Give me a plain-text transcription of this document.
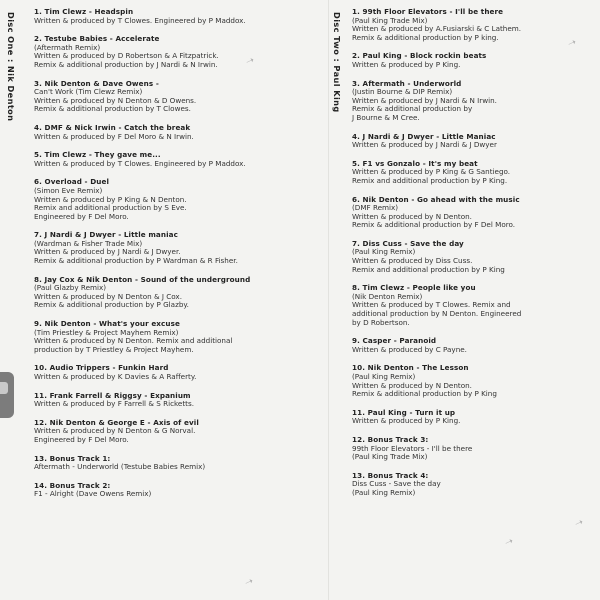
➝
➝
➝
➝
➝
Disc One : Nik Denton	Disc Two : Paul King
1. Tim Clewz - Headspin
Written & produced by T Clowes. Engineered by P Maddox.
2. Testube Babies - Accelerate
(Aftermath Remix)
Written & produced by D Robertson & A Fitzpatrick.
Remix & additional production by J Nardi & N Irwin.
3. Nik Denton & Dave Owens -
Can't Work (Tim Clewz Remix)
Written & produced by N Denton & D Owens.
Remix & additional production by T Clowes.
4. DMF & Nick Irwin - Catch the break
Written & produced by F Del Moro & N Irwin.
5. Tim Clewz - They gave me...
Written & produced by T Clowes. Engineered by P Maddox.
6. Overload - Duel
(Simon Eve Remix)
Written & produced by P King & N Denton.
Remix and additional production by S Eve.
Engineered by F Del Moro.
7. J Nardi & J Dwyer - Little maniac
(Wardman & Fisher Trade Mix)
Written & produced by J Nardi & J Dwyer.
Remix & additional production by P Wardman & R Fisher.
8. Jay Cox & Nik Denton - Sound of the underground
(Paul Glazby Remix)
Written & produced by N Denton & J Cox.
Remix & additional production by P Glazby.
9. Nik Denton - What's your excuse
(Tim Priestley & Project Mayhem Remix)
Written & produced by N Denton. Remix and additional
production by T Priestley & Project Mayhem.
10. Audio Trippers - Funkin Hard
Written & produced by K Davies & A Rafferty.
11. Frank Farrell & Riggsy - Expanium
Written & produced by F Farrell & S Ricketts.
12. Nik Denton & George E - Axis of evil
Written & produced by N Denton & G Norval.
Engineered by F Del Moro.
13. Bonus Track 1:
Aftermath - Underworld (Testube Babies Remix)
14. Bonus Track 2:
F1 - Alright (Dave Owens Remix)
1. 99th Floor Elevators - I'll be there
(Paul King Trade Mix)
Written & produced by A.Fusiarski & C Lathem.
Remix & additional production by P king.
2. Paul King - Block rockin beats
Written & produced by P King.
3. Aftermath - Underworld
(Justin Bourne & DIP Remix)
Written & produced by J Nardi & N Irwin.
Remix & additional production by
J Bourne & M Cree.
4. J Nardi & J Dwyer - Little Maniac
Written & produced by J Nardi & J Dwyer
5. F1 vs Gonzalo - It's my beat
Written & produced by P King & G Santiego.
Remix and additional production by P King.
6. Nik Denton - Go ahead with the music
(DMF Remix)
Written & produced by N Denton.
Remix & additional production by F Del Moro.
7. Diss Cuss - Save the day
(Paul King Remix)
Written & produced by Diss Cuss.
Remix and additional production by P King
8. Tim Clewz - People like you
(Nik Denton Remix)
Written & produced by T Clowes. Remix and
additional production by N Denton. Engineered
by D Robertson.
9. Casper - Paranoid
Written & produced by C Payne.
10. Nik Denton - The Lesson
(Paul King Remix)
Written & produced by N Denton.
Remix & additional production by P King
11. Paul King - Turn it up
Written & produced by P King.
12. Bonus Track 3:
99th Floor Elevators - I'll be there
(Paul King Trade Mix)
13. Bonus Track 4:
Diss Cuss - Save the day
(Paul King Remix)
